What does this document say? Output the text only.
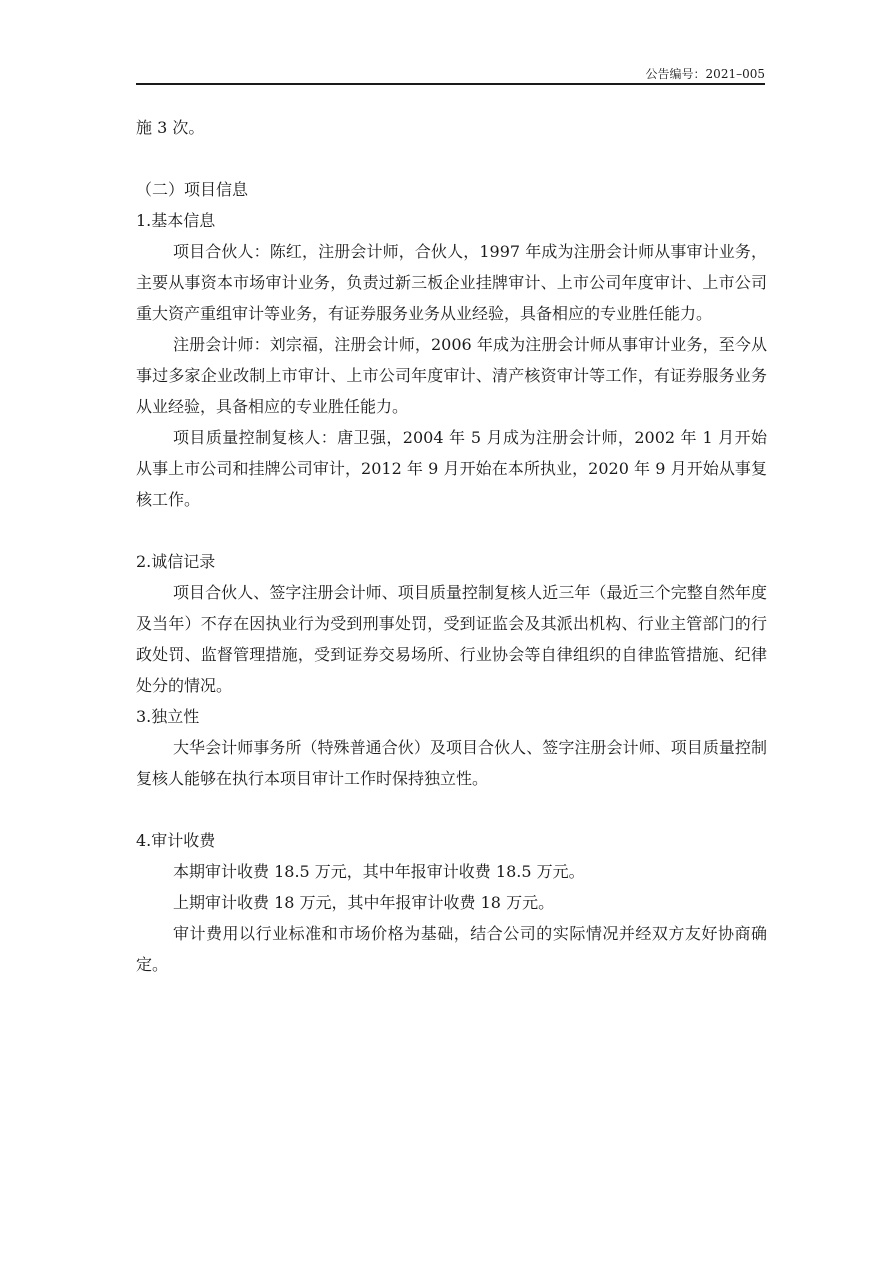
公告编号：2021–005

施 3 次。

（二）项目信息

1.基本信息

项目合伙人：陈红，注册会计师，合伙人，1997 年成为注册会计师从事审计业务，主要从事资本市场审计业务，负责过新三板企业挂牌审计、上市公司年度审计、上市公司重大资产重组审计等业务，有证券服务业务从业经验，具备相应的专业胜任能力。

注册会计师：刘宗福，注册会计师，2006 年成为注册会计师从事审计业务，至今从事过多家企业改制上市审计、上市公司年度审计、清产核资审计等工作，有证券服务业务从业经验，具备相应的专业胜任能力。

项目质量控制复核人：唐卫强，2004 年 5 月成为注册会计师，2002 年 1 月开始从事上市公司和挂牌公司审计，2012 年 9 月开始在本所执业，2020 年 9 月开始从事复核工作。

2.诚信记录

项目合伙人、签字注册会计师、项目质量控制复核人近三年（最近三个完整自然年度及当年）不存在因执业行为受到刑事处罚，受到证监会及其派出机构、行业主管部门的行政处罚、监督管理措施，受到证券交易场所、行业协会等自律组织的自律监管措施、纪律处分的情况。

3.独立性

大华会计师事务所（特殊普通合伙）及项目合伙人、签字注册会计师、项目质量控制复核人能够在执行本项目审计工作时保持独立性。

4.审计收费

本期审计收费 18.5 万元，其中年报审计收费 18.5 万元。

上期审计收费 18 万元，其中年报审计收费 18 万元。

审计费用以行业标准和市场价格为基础，结合公司的实际情况并经双方友好协商确定。
